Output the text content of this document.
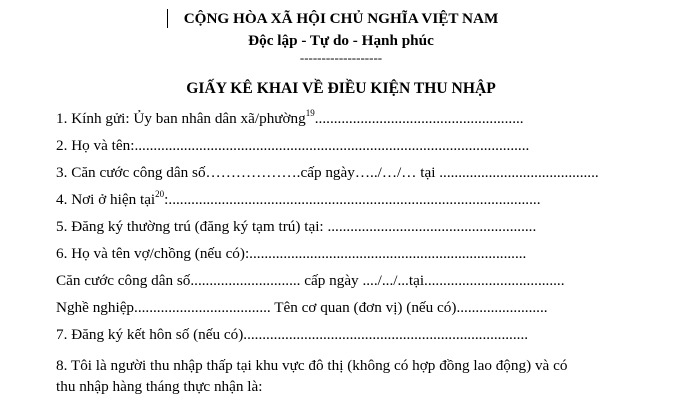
CỘNG HÒA XÃ HỘI CHỦ NGHĨA VIỆT NAM
Độc lập - Tự do - Hạnh phúc
-------------------
GIẤY KÊ KHAI VỀ ĐIỀU KIỆN THU NHẬP
1. Kính gửi: Ủy ban nhân dân xã/phường$^{19}$.......................................................
2. Họ và tên:........................................................................................................
3. Căn cước công dân số……………….cấp ngày…../…/… tại ..........................................
4. Nơi ở hiện tại$^{20}$:..................................................................................................
5. Đăng ký thường trú (đăng ký tạm trú) tại: .......................................................
6. Họ và tên vợ/chồng (nếu có):.........................................................................
Căn cước công dân số............................. cấp ngày ..../.../...tại.....................................
Nghề nghiệp.................................... Tên cơ quan (đơn vị) (nếu có)........................
7. Đăng ký kết hôn số (nếu có)...........................................................................
8. Tôi là người thu nhập thấp tại khu vực đô thị (không có hợp đồng lao động) và có
thu nhập hàng tháng thực nhận là:
